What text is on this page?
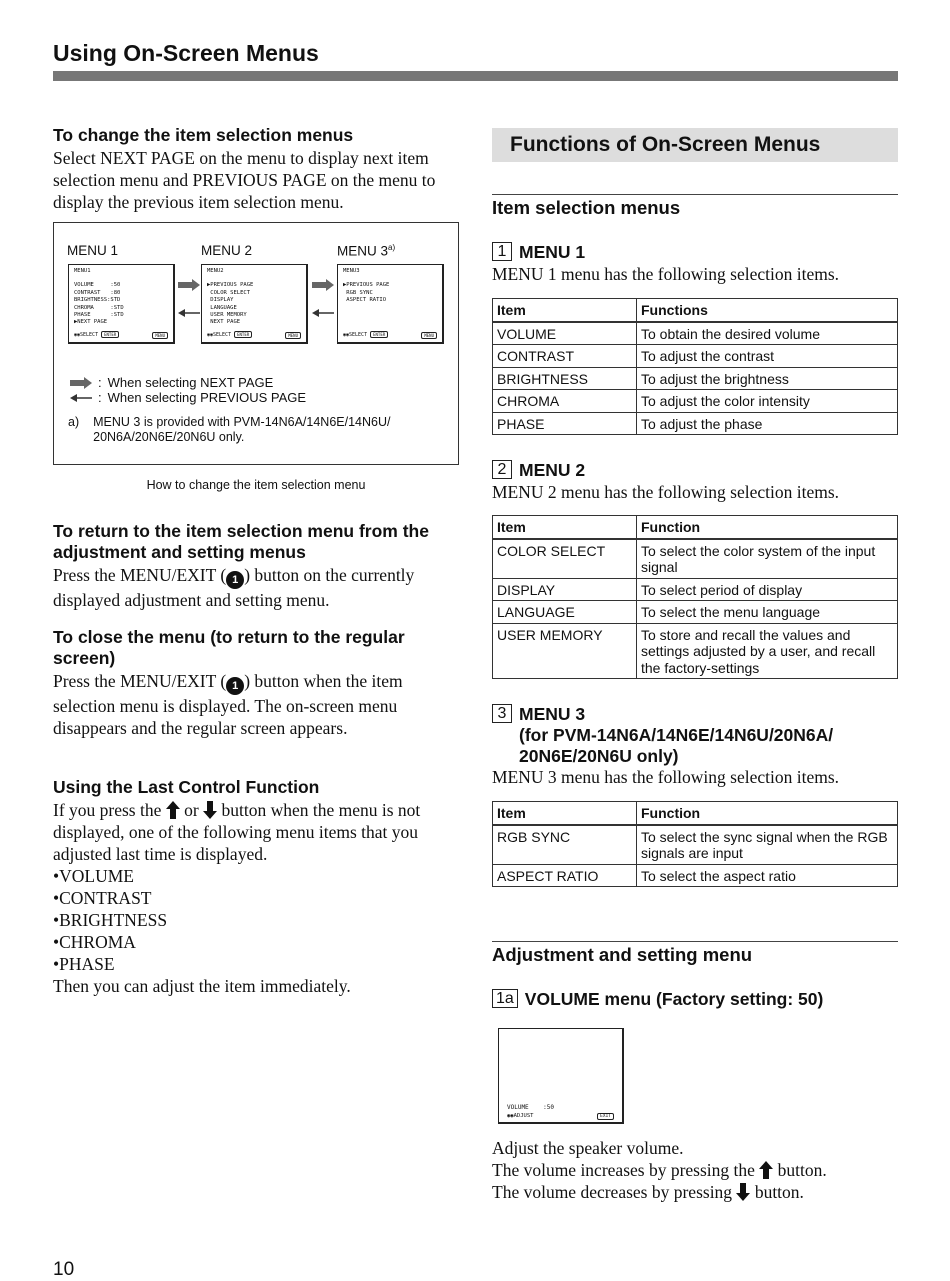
Using On-Screen Menus
To change the item selection menus
Select NEXT PAGE on the menu to display next item selection menu and PREVIOUS PAGE on the menu to display the previous item selection menu.
MENU 1	MENU 2	MENU 3$^{a)}$
MENU1
VOLUME     :50
CONTRAST   :80
BRIGHTNESS:STD
CHROMA     :STD
PHASE      :STD
▶NEXT PAGE
◉◉SELECT ENTER	MENU
MENU2
▶PREVIOUS PAGE
COLOR SELECT
DISPLAY
LANGUAGE
USER MEMORY
NEXT PAGE
◉◉SELECT ENTER	MENU
MENU3
▶PREVIOUS PAGE
RGB SYNC
ASPECT RATIO
◉◉SELECT ENTER	MENU
: When selecting NEXT PAGE
: When selecting PREVIOUS PAGE
a) MENU 3 is provided with PVM-14N6A/14N6E/14N6U/
20N6A/20N6E/20N6U only.
How to change the item selection menu
To return to the item selection menu from the adjustment and setting menus
Press the MENU/EXIT ( 1 ) button on the currently displayed adjustment and setting menu.
To close the menu (to return to the regular screen)
Press the MENU/EXIT ( 1 ) button when the item selection menu is displayed. The on-screen menu disappears and the regular screen appears.
Using the Last Control Function
If you press the  or  button when the menu is not displayed, one of the following menu items that you adjusted last time is displayed.
•VOLUME
•CONTRAST
•BRIGHTNESS
•CHROMA
•PHASE
Then you can adjust the item immediately.
Functions of On-Screen Menus
Item selection menus
1 MENU 1
MENU 1 menu has the following selection items.
Item	Functions
VOLUME	To obtain the desired volume
CONTRAST	To adjust the contrast
BRIGHTNESS	To adjust the brightness
CHROMA	To adjust the color intensity
PHASE	To adjust the phase
2 MENU 2
MENU 2 menu has the following selection items.
Item	Function
COLOR SELECT	To select the color system of the input signal
DISPLAY	To select period of display
LANGUAGE	To select the menu language
USER MEMORY	To store and recall the values and settings adjusted by a user, and recall the factory-settings
3 MENU 3
(for PVM-14N6A/14N6E/14N6U/20N6A/
20N6E/20N6U only)
MENU 3 menu has the following selection items.
Item	Function
RGB SYNC	To select the sync signal when the RGB signals are input
ASPECT RATIO	To select the aspect ratio
Adjustment and setting menu
1a VOLUME menu (Factory setting: 50)
VOLUME    :50
◉◉ADJUST	EXIT
Adjust the speaker volume.
The volume increases by pressing the  button.
The volume decreases by pressing  button.
10
